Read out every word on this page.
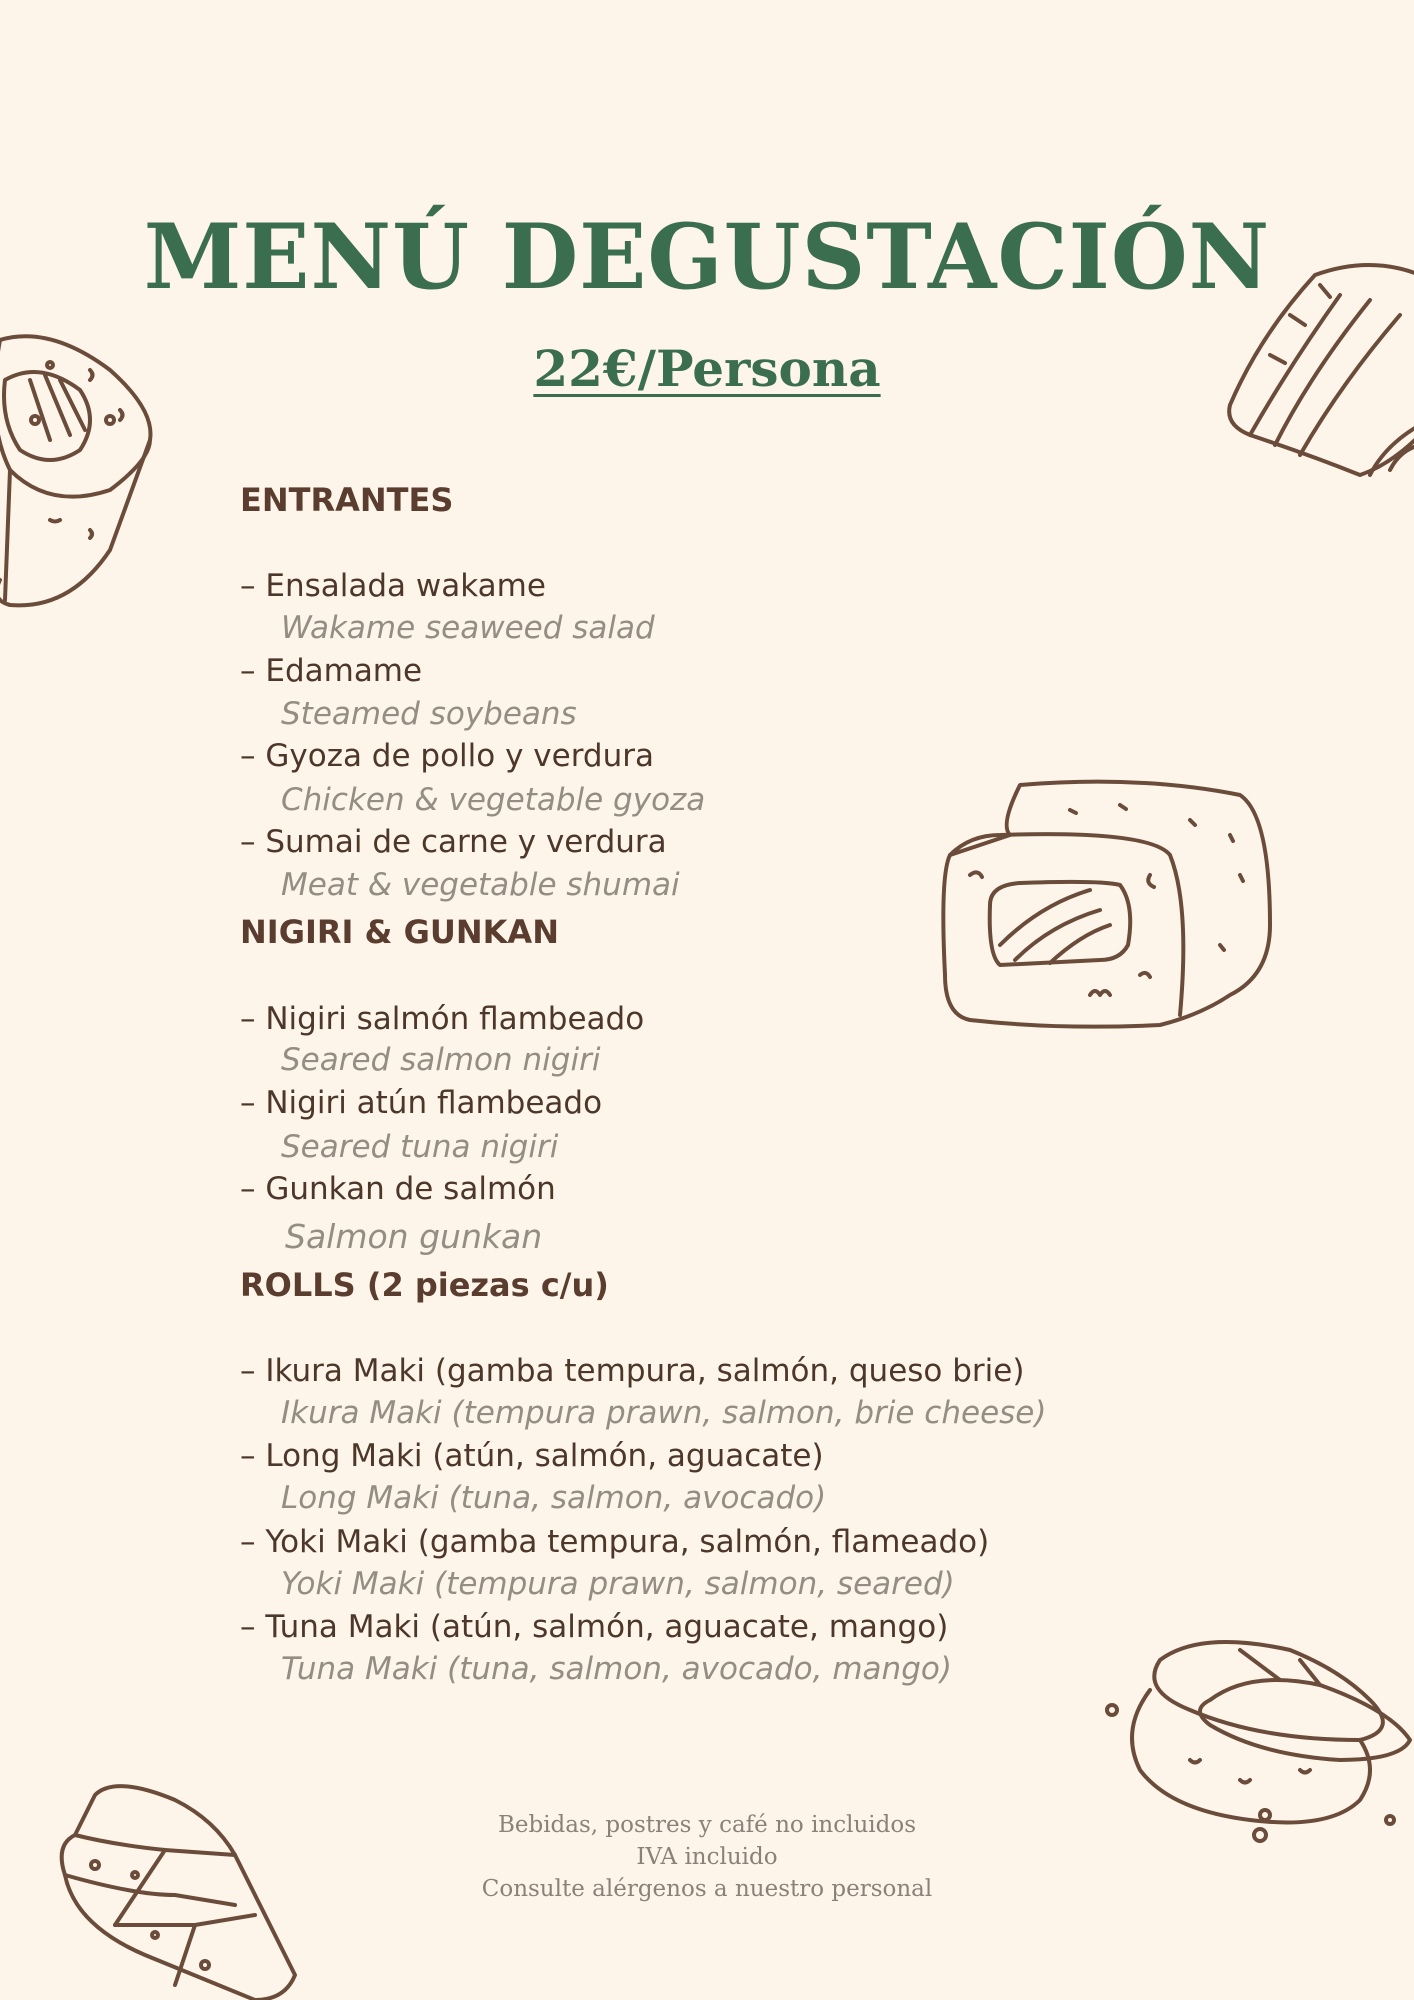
MENÚ DEGUSTACIÓN
22€/Persona
ENTRANTES
– Ensalada wakame
Wakame seaweed salad
– Edamame
Steamed soybeans
– Gyoza de pollo y verdura
Chicken & vegetable gyoza
– Sumai de carne y verdura
Meat & vegetable shumai
NIGIRI & GUNKAN
– Nigiri salmón flambeado
Seared salmon nigiri
– Nigiri atún flambeado
Seared tuna nigiri
– Gunkan de salmón
Salmon gunkan
ROLLS (2 piezas c/u)
– Ikura Maki (gamba tempura, salmón, queso brie)
Ikura Maki (tempura prawn, salmon, brie cheese)
– Long Maki (atún, salmón, aguacate)
Long Maki (tuna, salmon, avocado)
– Yoki Maki (gamba tempura, salmón, flameado)
Yoki Maki (tempura prawn, salmon, seared)
– Tuna Maki (atún, salmón, aguacate, mango)
Tuna Maki (tuna, salmon, avocado, mango)
Bebidas, postres y café no incluidos
IVA incluido
Consulte alérgenos a nuestro personal
